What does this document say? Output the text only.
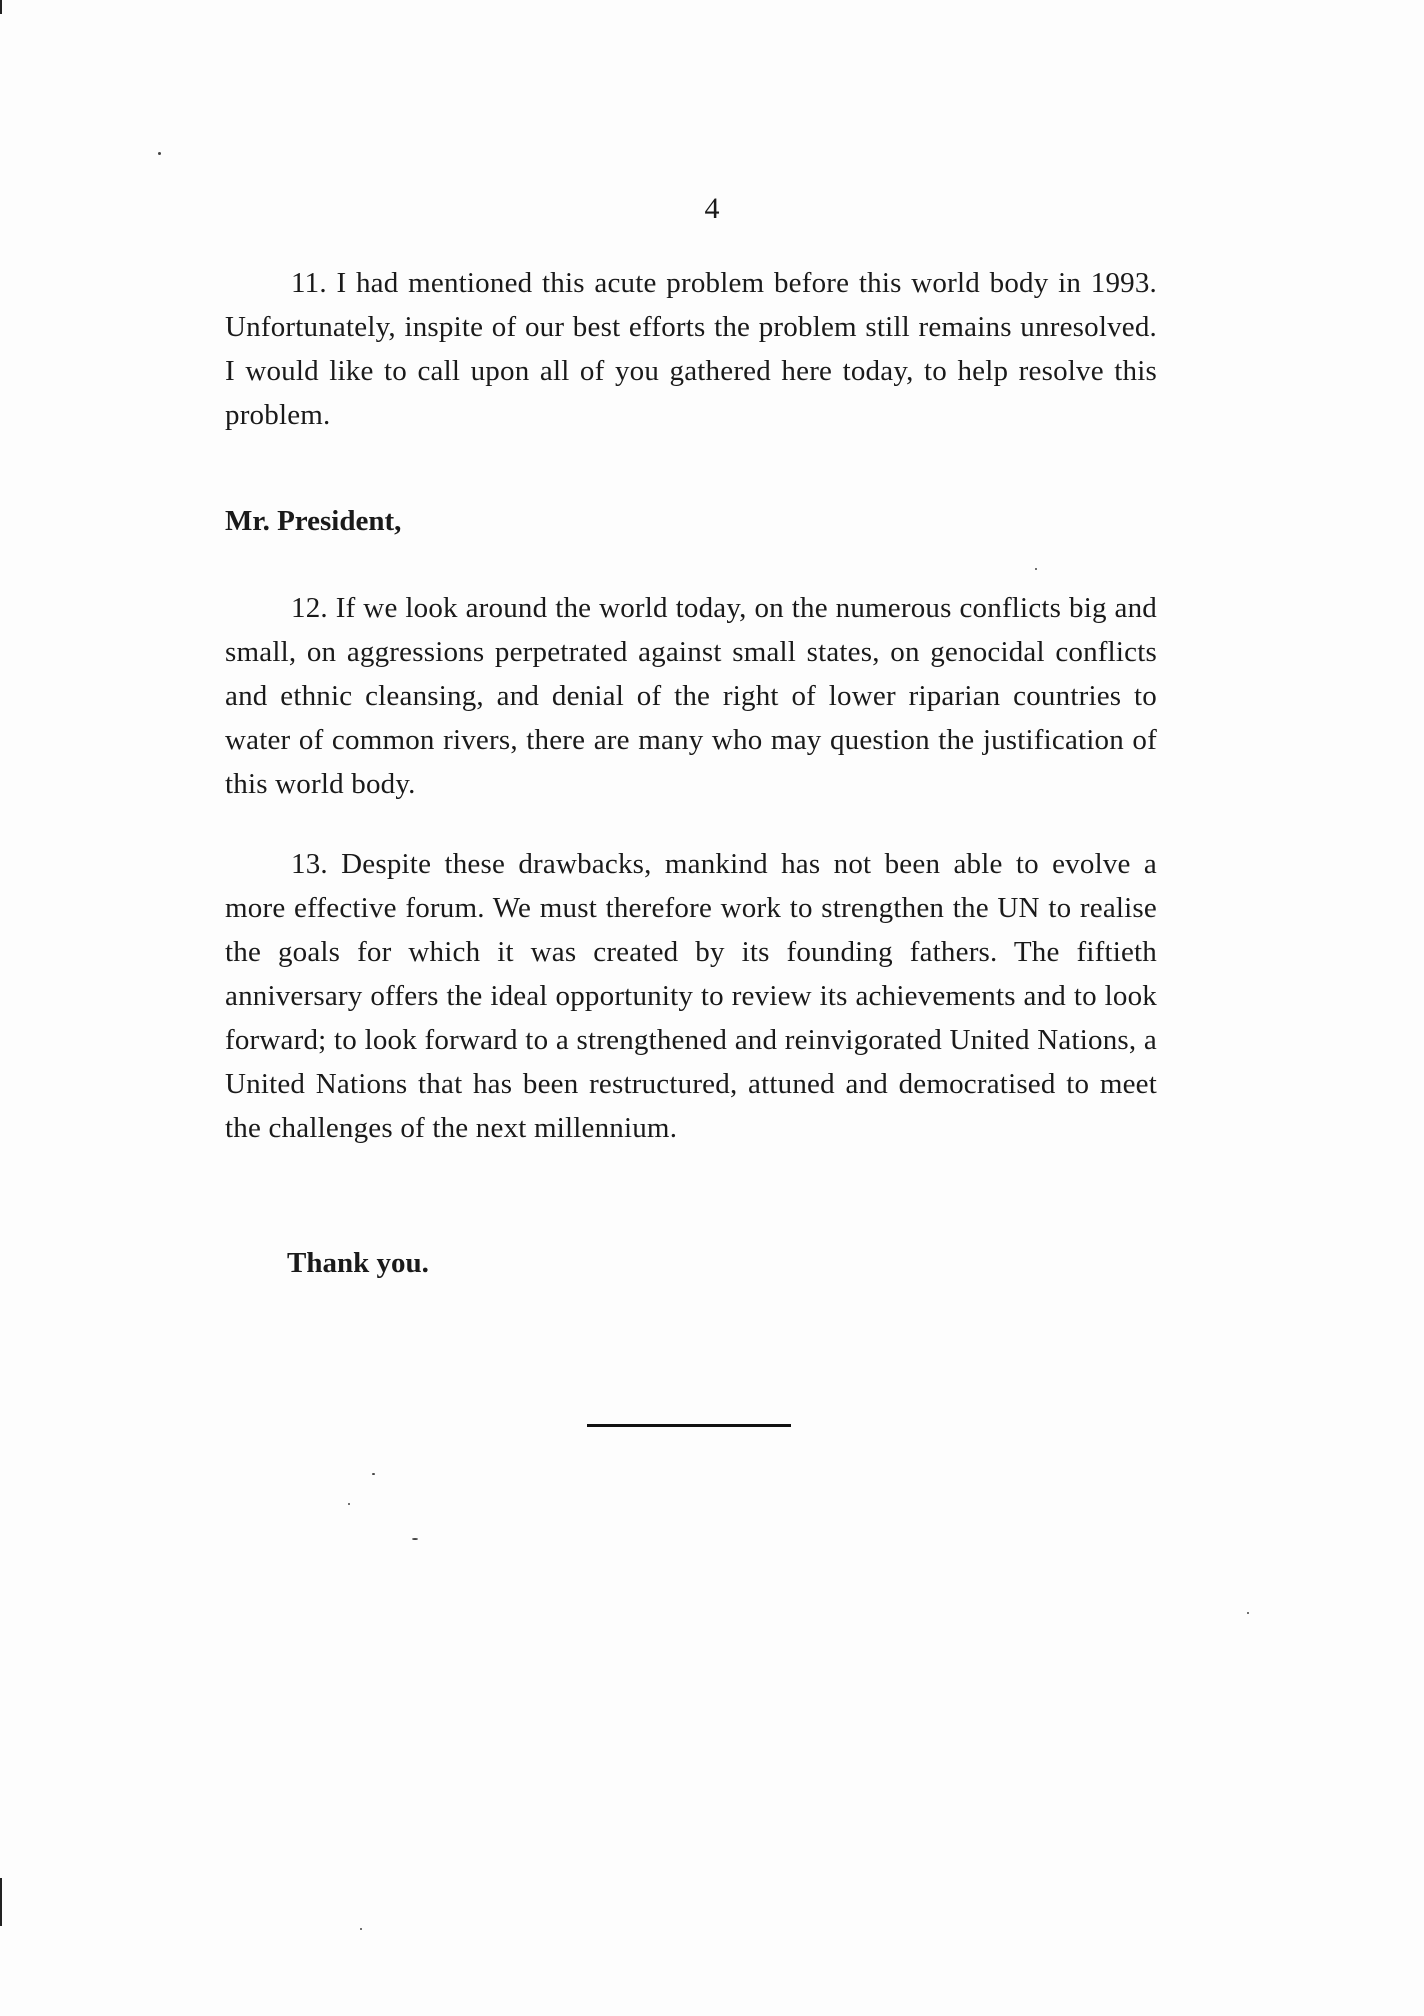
4

11. I had mentioned this acute problem before this world body in 1993. Unfortunately, inspite of our best efforts the problem still remains unresolved. I would like to call upon all of you gathered here today, to help resolve this problem.

Mr. President,

12. If we look around the world today, on the numerous conflicts big and small, on aggressions perpetrated against small states, on genocidal conflicts and ethnic cleansing, and denial of the right of lower riparian countries to water of common rivers, there are many who may question the justification of this world body.

13. Despite these drawbacks, mankind has not been able to evolve a more effective forum. We must therefore work to strengthen the UN to realise the goals for which it was created by its founding fathers. The fiftieth anniversary offers the ideal opportunity to review its achievements and to look forward; to look forward to a strengthened and reinvigorated United Nations, a United Nations that has been restructured, attuned and democratised to meet the challenges of the next millennium.

Thank you.
